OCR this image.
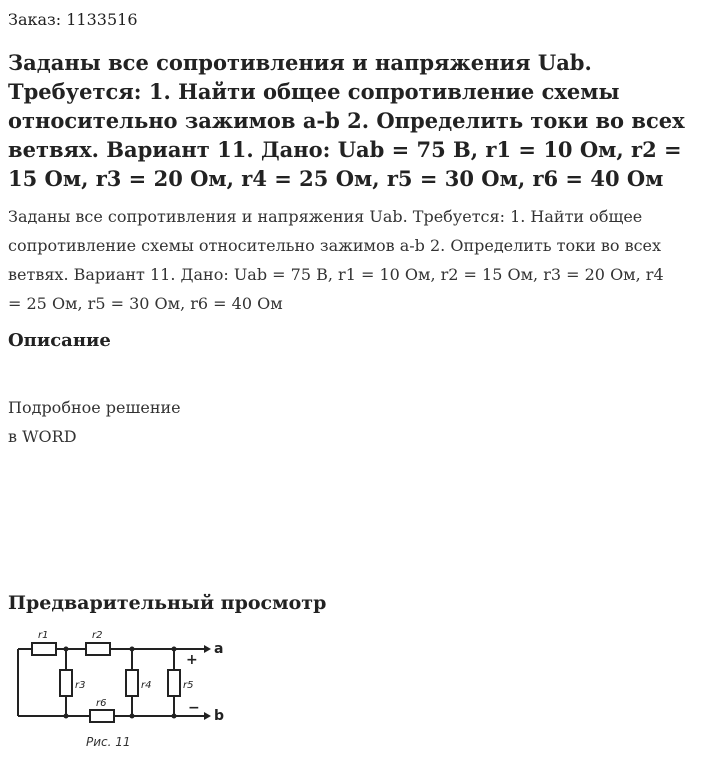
Заказ: 1133516
Заданы все сопротивления и напряжения Uab. Требуется: 1. Найти общее сопротивление схемы относительно зажимов a-b 2. Определить токи во всех ветвях. Вариант 11. Дано: Uab = 75 В, r1 = 10 Ом, r2 = 15 Ом, r3 = 20 Ом, r4 = 25 Ом, r5 = 30 Ом, r6 = 40 Ом

Заданы все сопротивления и напряжения Uab. Требуется: 1. Найти общее сопротивление схемы относительно зажимов a-b 2. Определить токи во всех ветвях. Вариант 11. Дано: Uab = 75 В, r1 = 10 Ом, r2 = 15 Ом, r3 = 20 Ом, r4 = 25 Ом, r5 = 30 Ом, r6 = 40 Ом

Описание
Подробное решение
в WORD
Предварительный просмотр
r1	r2
r3	r4	r5
r6
a
b
+
−
Рис. 11
